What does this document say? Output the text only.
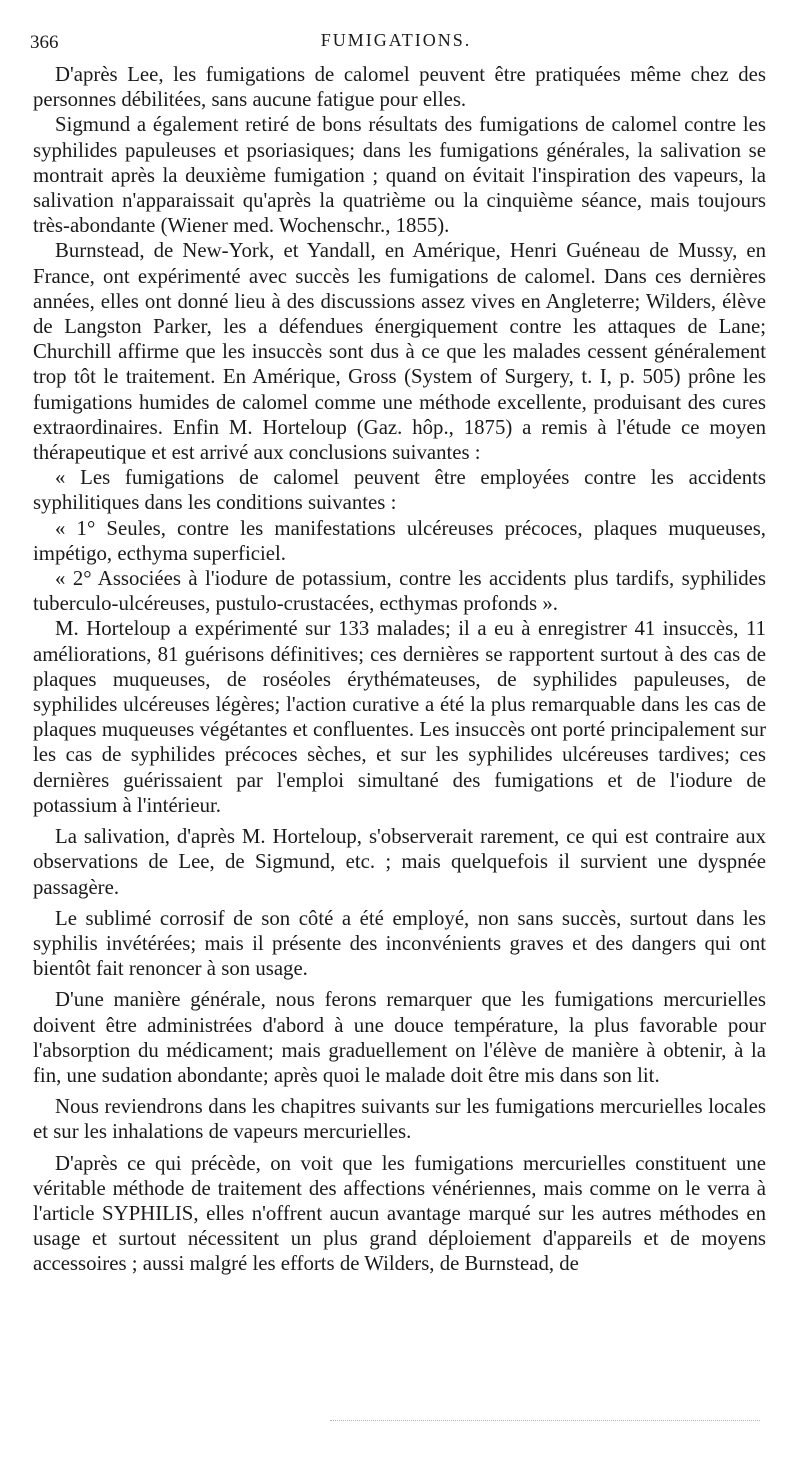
366	FUMIGATIONS.

D'après Lee, les fumigations de calomel peuvent être pratiquées même chez des personnes débilitées, sans aucune fatigue pour elles.

Sigmund a également retiré de bons résultats des fumigations de calomel contre les syphilides papuleuses et psoriasiques; dans les fumigations générales, la salivation se montrait après la deuxième fumigation ; quand on évitait l'inspiration des vapeurs, la salivation n'apparaissait qu'après la quatrième ou la cinquième séance, mais toujours très-abondante (Wiener med. Wochenschr., 1855).

Burnstead, de New-York, et Yandall, en Amérique, Henri Guéneau de Mussy, en France, ont expérimenté avec succès les fumigations de calomel. Dans ces dernières années, elles ont donné lieu à des discussions assez vives en Angleterre; Wilders, élève de Langston Parker, les a défendues énergiquement contre les attaques de Lane; Churchill affirme que les insuccès sont dus à ce que les malades cessent généralement trop tôt le traitement. En Amérique, Gross (System of Surgery, t. I, p. 505) prône les fumigations humides de calomel comme une méthode excellente, produisant des cures extraordinaires. Enfin M. Horteloup (Gaz. hôp., 1875) a remis à l'étude ce moyen thérapeutique et est arrivé aux conclusions suivantes :

« Les fumigations de calomel peuvent être employées contre les accidents syphilitiques dans les conditions suivantes :

« 1° Seules, contre les manifestations ulcéreuses précoces, plaques muqueuses, impétigo, ecthyma superficiel.

« 2° Associées à l'iodure de potassium, contre les accidents plus tardifs, syphilides tuberculo-ulcéreuses, pustulo-crustacées, ecthymas profonds ».

M. Horteloup a expérimenté sur 133 malades; il a eu à enregistrer 41 insuccès, 11 améliorations, 81 guérisons définitives; ces dernières se rapportent surtout à des cas de plaques muqueuses, de roséoles érythémateuses, de syphilides papuleuses, de syphilides ulcéreuses légères; l'action curative a été la plus remarquable dans les cas de plaques muqueuses végétantes et confluentes. Les insuccès ont porté principalement sur les cas de syphilides précoces sèches, et sur les syphilides ulcéreuses tardives; ces dernières guérissaient par l'emploi simultané des fumigations et de l'iodure de potassium à l'intérieur.

La salivation, d'après M. Horteloup, s'observerait rarement, ce qui est contraire aux observations de Lee, de Sigmund, etc. ; mais quelquefois il survient une dyspnée passagère.

Le sublimé corrosif de son côté a été employé, non sans succès, surtout dans les syphilis invétérées; mais il présente des inconvénients graves et des dangers qui ont bientôt fait renoncer à son usage.

D'une manière générale, nous ferons remarquer que les fumigations mercurielles doivent être administrées d'abord à une douce température, la plus favorable pour l'absorption du médicament; mais graduellement on l'élève de manière à obtenir, à la fin, une sudation abondante; après quoi le malade doit être mis dans son lit.

Nous reviendrons dans les chapitres suivants sur les fumigations mercurielles locales et sur les inhalations de vapeurs mercurielles.

D'après ce qui précède, on voit que les fumigations mercurielles constituent une véritable méthode de traitement des affections vénériennes, mais comme on le verra à l'article SYPHILIS, elles n'offrent aucun avantage marqué sur les autres méthodes en usage et surtout nécessitent un plus grand déploiement d'appareils et de moyens accessoires ; aussi malgré les efforts de Wilders, de Burnstead, de
